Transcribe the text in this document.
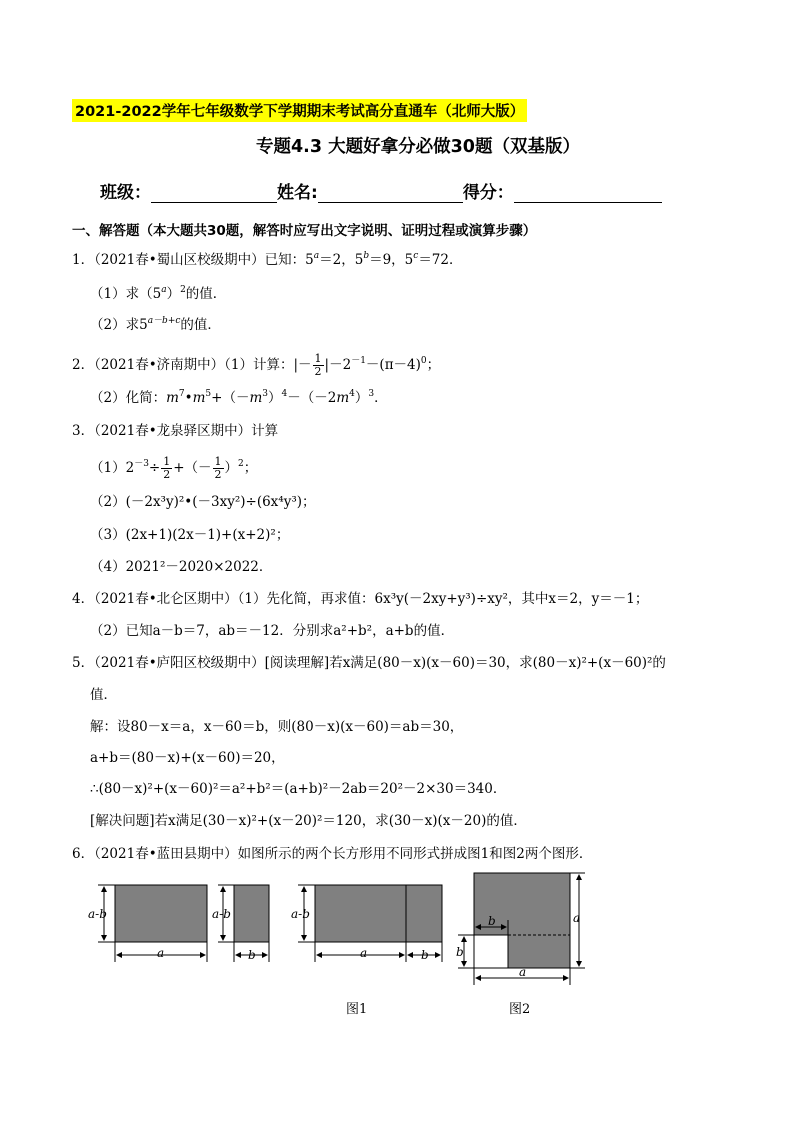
2021-2022学年七年级数学下学期期末考试高分直通车（北师大版）
专题4.3 大题好拿分必做30题（双基版）
班级：	姓名:	得分：
一、解答题（本大题共30题，解答时应写出文字说明、证明过程或演算步骤）
1．（2021春•蜀山区校级期中）已知：$5^a=2$，$5^b=9$，$5^c=72$．
（1）求$(5^a)^2$的值．
（2）求$5^{a-b+c}$的值．
2．（2021春•济南期中）（1）计算：|－ $\frac{1}{2} |-2^{-1}-(\pi-4)^0$；
（2）化简：$m^7•m^5+(-m^3)^4-(-2m^4)^3$．
3．（2021春•龙泉驿区期中）计算
$(1)2^{-3}\div \frac{1}{2}$ +（－ $\frac{1}{2} )^2$；
（2）(－2x³y)²•(－3xy²)÷(6x⁴y³)；
（3）(2x+1)(2x－1)+(x+2)²；
（4）2021²－2020×2022．
4．（2021春•北仑区期中）（1）先化简，再求值：6x³y(－2xy+y³)÷xy²，其中x＝2，y＝－1；
（2）已知a－b＝7，ab＝－12．分别求a²+b²，a+b的值．
5．（2021春•庐阳区校级期中）[阅读理解]若x满足(80－x)(x－60)＝30，求(80－x)²+(x－60)²的
值．
解：设80－x＝a，x－60＝b，则(80－x)(x－60)＝ab＝30，
a+b＝(80－x)+(x－60)＝20，
∴(80－x)²+(x－60)²＝a²+b²＝(a+b)²－2ab＝20²－2×30＝340．
[解决问题]若x满足(30－x)²+(x－20)²＝120，求(30－x)(x－20)的值．
6．（2021春•蓝田县期中）如图所示的两个长方形用不同形式拼成图1和图2两个图形．
a-b
a
a-b
b
a-b
a	b
b
b
a
a
图1	图2
